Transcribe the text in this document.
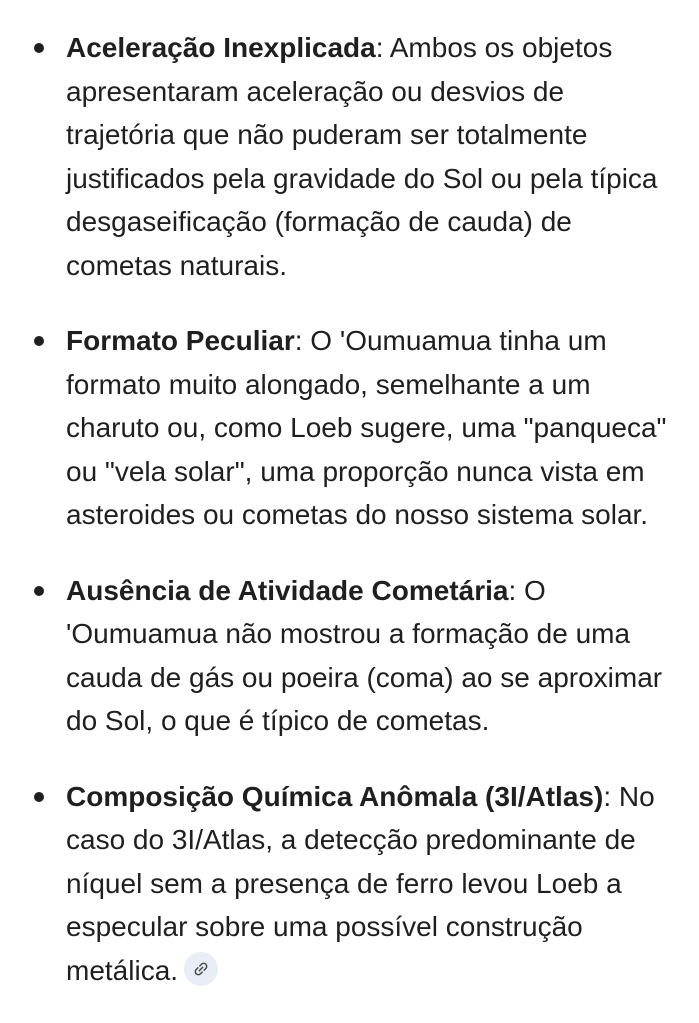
Aceleração Inexplicada: Ambos os objetos apresentaram aceleração ou desvios de trajetória que não puderam ser totalmente justificados pela gravidade do Sol ou pela típica desgaseificação (formação de cauda) de cometas naturais.
Formato Peculiar: O 'Oumuamua tinha um formato muito alongado, semelhante a um charuto ou, como Loeb sugere, uma "panqueca" ou "vela solar", uma proporção nunca vista em asteroides ou cometas do nosso sistema solar.
Ausência de Atividade Cometária: O 'Oumuamua não mostrou a formação de uma cauda de gás ou poeira (coma) ao se aproximar do Sol, o que é típico de cometas.
Composição Química Anômala (3I/Atlas): No caso do 3I/Atlas, a detecção predominante de níquel sem a presença de ferro levou Loeb a especular sobre uma possível construção metálica.
